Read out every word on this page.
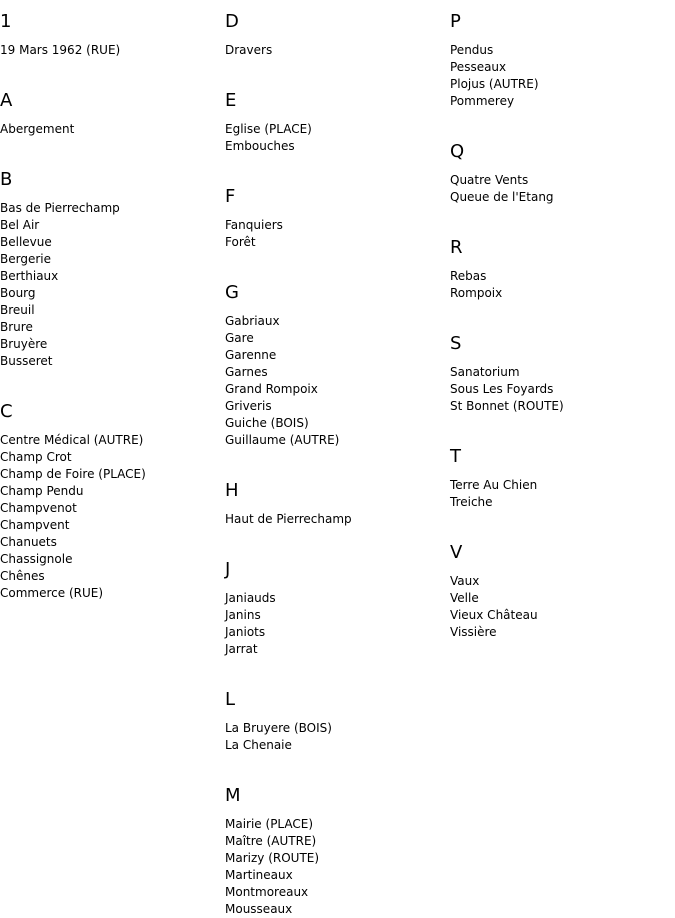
1
19 Mars 1962 (RUE)
A
Abergement
B
Bas de Pierrechamp
Bel Air
Bellevue
Bergerie
Berthiaux
Bourg
Breuil
Brure
Bruyère
Busseret
C
Centre Médical (AUTRE)
Champ Crot
Champ de Foire (PLACE)
Champ Pendu
Champvenot
Champvent
Chanuets
Chassignole
Chênes
Commerce (RUE)
D
Dravers
E
Eglise (PLACE)
Embouches
F
Fanquiers
Forêt
G
Gabriaux
Gare
Garenne
Garnes
Grand Rompoix
Griveris
Guiche (BOIS)
Guillaume (AUTRE)
H
Haut de Pierrechamp
J
Janiauds
Janins
Janiots
Jarrat
L
La Bruyere (BOIS)
La Chenaie
M
Mairie (PLACE)
Maître (AUTRE)
Marizy (ROUTE)
Martineaux
Montmoreaux
Mousseaux
P
Pendus
Pesseaux
Plojus (AUTRE)
Pommerey
Q
Quatre Vents
Queue de l'Etang
R
Rebas
Rompoix
S
Sanatorium
Sous Les Foyards
St Bonnet (ROUTE)
T
Terre Au Chien
Treiche
V
Vaux
Velle
Vieux Château
Vissière
